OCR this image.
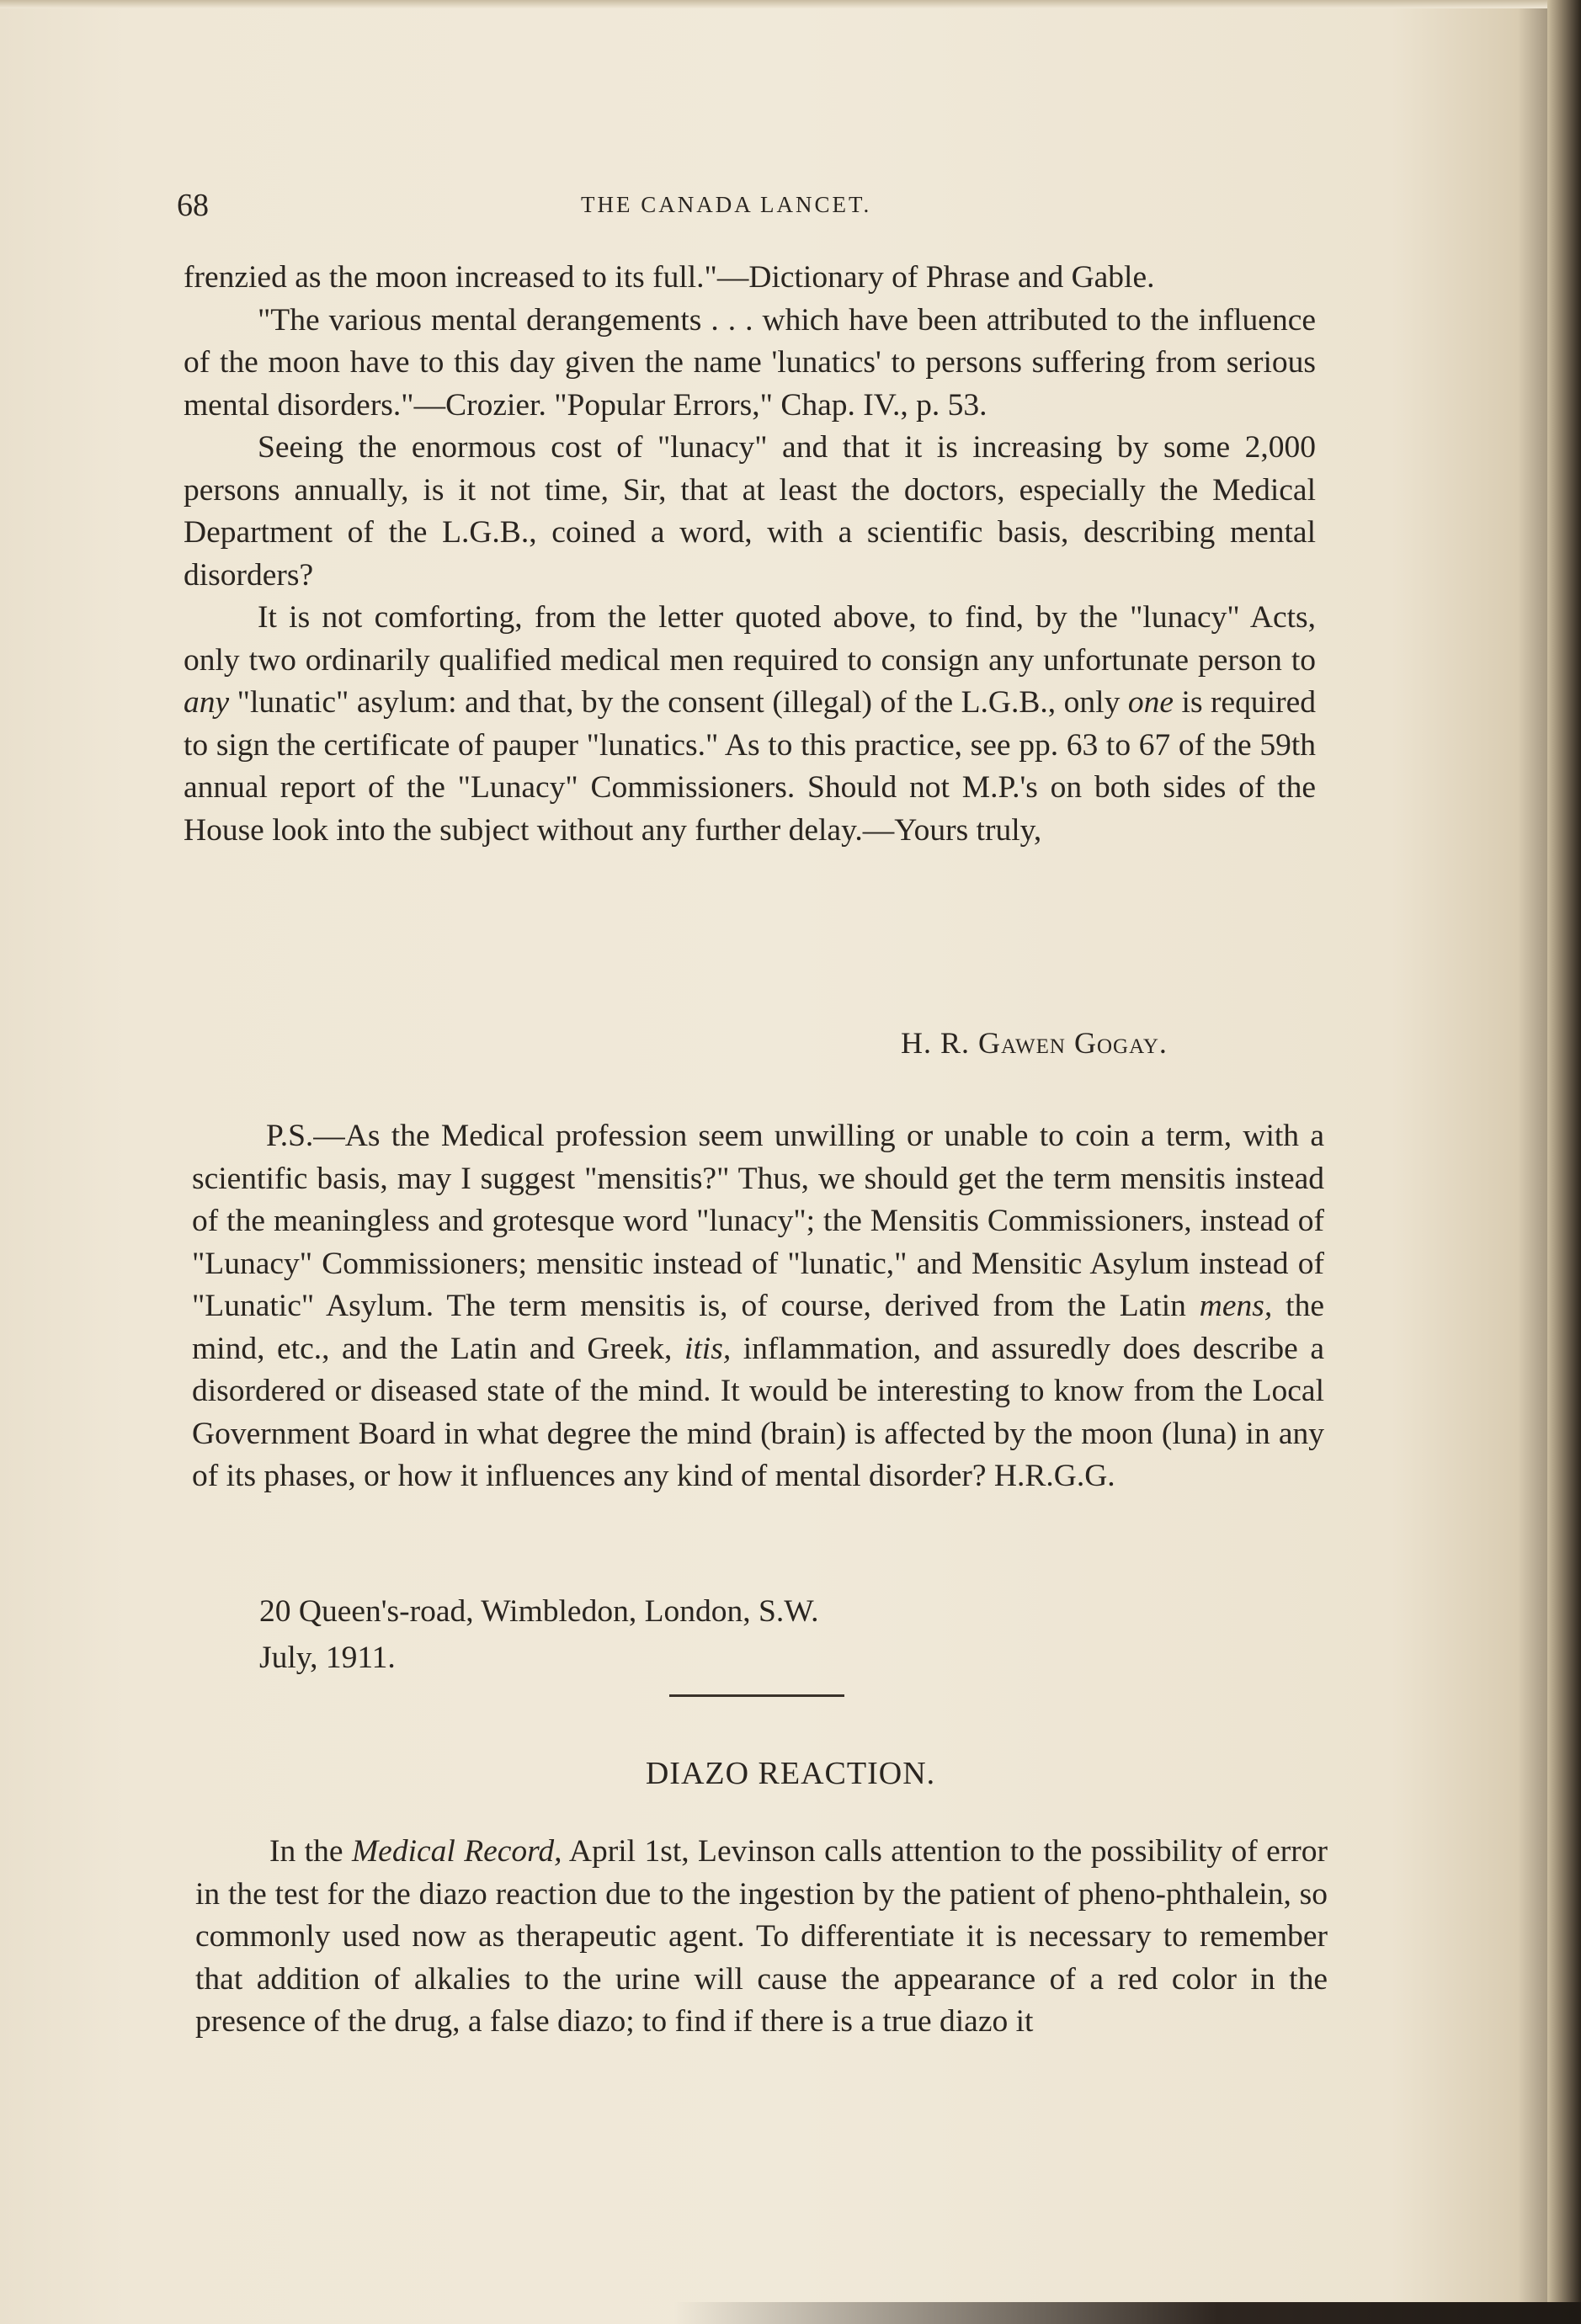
68	THE CANADA LANCET.

frenzied as the moon increased to its full."—Dictionary of Phrase and Gable.

"The various mental derangements . . . which have been attributed to the influence of the moon have to this day given the name 'lunatics' to persons suffering from serious mental disorders."—Crozier. "Popular Errors," Chap. IV., p. 53.

Seeing the enormous cost of "lunacy" and that it is increasing by some 2,000 persons annually, is it not time, Sir, that at least the doctors, especially the Medical Department of the L.G.B., coined a word, with a scientific basis, describing mental disorders?

It is not comforting, from the letter quoted above, to find, by the "lunacy" Acts, only two ordinarily qualified medical men required to consign any unfortunate person to any "lunatic" asylum: and that, by the consent (illegal) of the L.G.B., only one is required to sign the certificate of pauper "lunatics." As to this practice, see pp. 63 to 67 of the 59th annual report of the "Lunacy" Commissioners. Should not M.P.'s on both sides of the House look into the subject without any further delay.—Yours truly,

H. R. Gawen Gogay.

P.S.—As the Medical profession seem unwilling or unable to coin a term, with a scientific basis, may I suggest "mensitis?" Thus, we should get the term mensitis instead of the meaningless and grotesque word "lunacy"; the Mensitis Commissioners, instead of "Lunacy" Commissioners; mensitic instead of "lunatic," and Mensitic Asylum instead of "Lunatic" Asylum. The term mensitis is, of course, derived from the Latin mens, the mind, etc., and the Latin and Greek, itis, inflammation, and assuredly does describe a disordered or diseased state of the mind. It would be interesting to know from the Local Government Board in what degree the mind (brain) is affected by the moon (luna) in any of its phases, or how it influences any kind of mental disorder? H.R.G.G.

20 Queen's-road, Wimbledon, London, S.W.
July, 1911.
DIAZO REACTION.

In the Medical Record, April 1st, Levinson calls attention to the possibility of error in the test for the diazo reaction due to the ingestion by the patient of pheno-phthalein, so commonly used now as therapeutic agent. To differentiate it is necessary to remember that addition of alkalies to the urine will cause the appearance of a red color in the presence of the drug, a false diazo; to find if there is a true diazo it
